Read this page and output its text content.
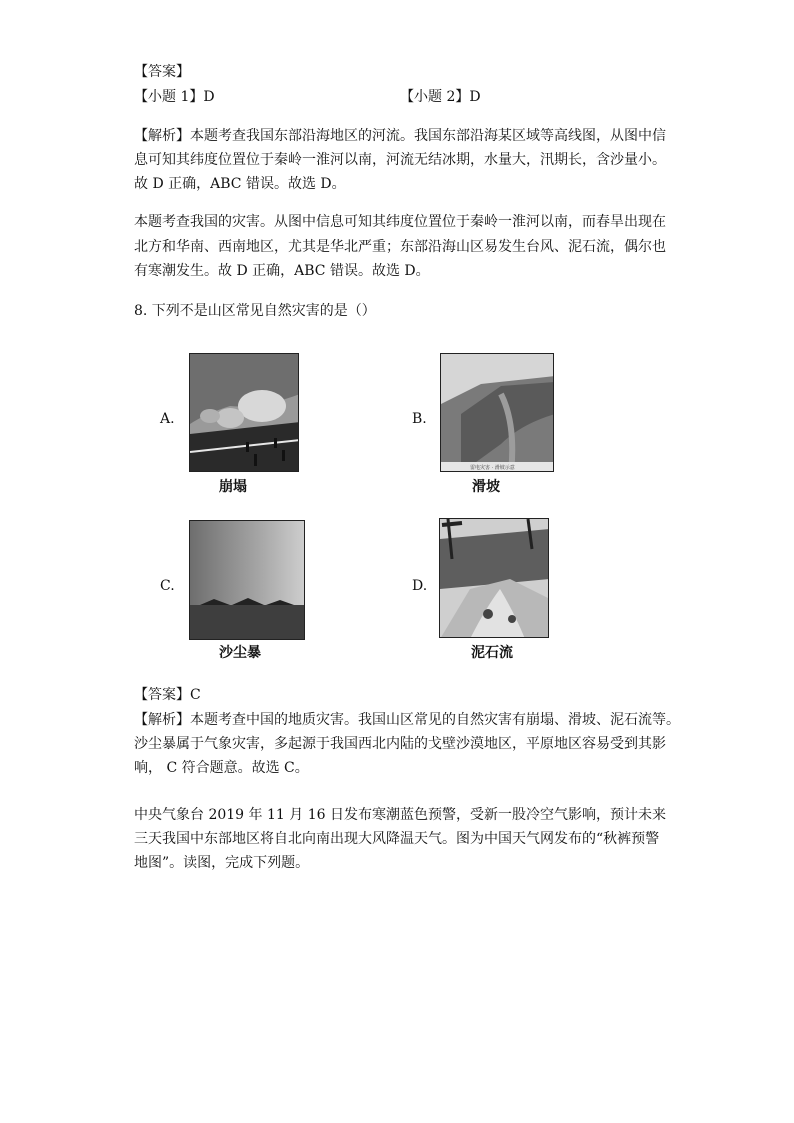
【答案】
【小题 1】D	【小题 2】D
【解析】本题考查我国东部沿海地区的河流。我国东部沿海某区域等高线图，从图中信
息可知其纬度位置位于秦岭一淮河以南，河流无结冰期，水量大，汛期长，含沙量小。
故 D 正确，ABC 错误。故选 D。
本题考查我国的灾害。从图中信息可知其纬度位置位于秦岭一淮河以南，而春旱出现在
北方和华南、西南地区，尤其是华北严重；东部沿海山区易发生台风、泥石流，偶尔也
有寒潮发生。故 D 正确，ABC 错误。故选 D。
8. 下列不是山区常见自然灾害的是（）
A.
崩塌
B.
雷电灾害 · 滑坡示意
滑坡
C.
沙尘暴
D.
泥石流
【答案】C
【解析】本题考查中国的地质灾害。我国山区常见的自然灾害有崩塌、滑坡、泥石流等。
沙尘暴属于气象灾害，多起源于我国西北内陆的戈壁沙漠地区，平原地区容易受到其影
响， C 符合题意。故选 C。
中央气象台 2019 年 11 月 16 日发布寒潮蓝色预警，受新一股冷空气影响，预计未来
三天我国中东部地区将自北向南出现大风降温天气。图为中国天气网发布的“秋裤预警
地图”。读图，完成下列题。
